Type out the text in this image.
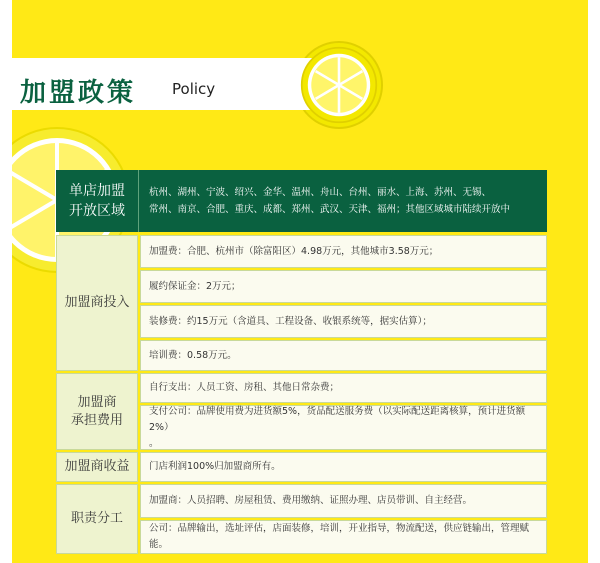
加盟政策 Policy
单店加盟
开放区域
杭州、湖州、宁波、绍兴、金华、温州、舟山、台州、丽水、上海、苏州、无锡、
常州、南京、合肥、重庆、成都、郑州、武汉、天津、福州；其他区域城市陆续开放中
加盟商投入
加盟费：合肥、杭州市（除富阳区）4.98万元，其他城市3.58万元；
履约保证金：2万元；
装修费：约15万元（含道具、工程设备、收银系统等，据实估算）；
培训费：0.58万元。
加盟商
承担费用
自行支出：人员工资、房租、其他日常杂费；
支付公司：品牌使用费为进货额5%，货品配送服务费（以实际配送距离核算，预计进货额2%）
。
加盟商收益	门店利润100%归加盟商所有。
职责分工
加盟商：人员招聘、房屋租赁、费用缴纳、证照办理、店员带训、自主经营。
公司：品牌输出，选址评估，店面装修，培训，开业指导，物流配送，供应链输出，管理赋能。
